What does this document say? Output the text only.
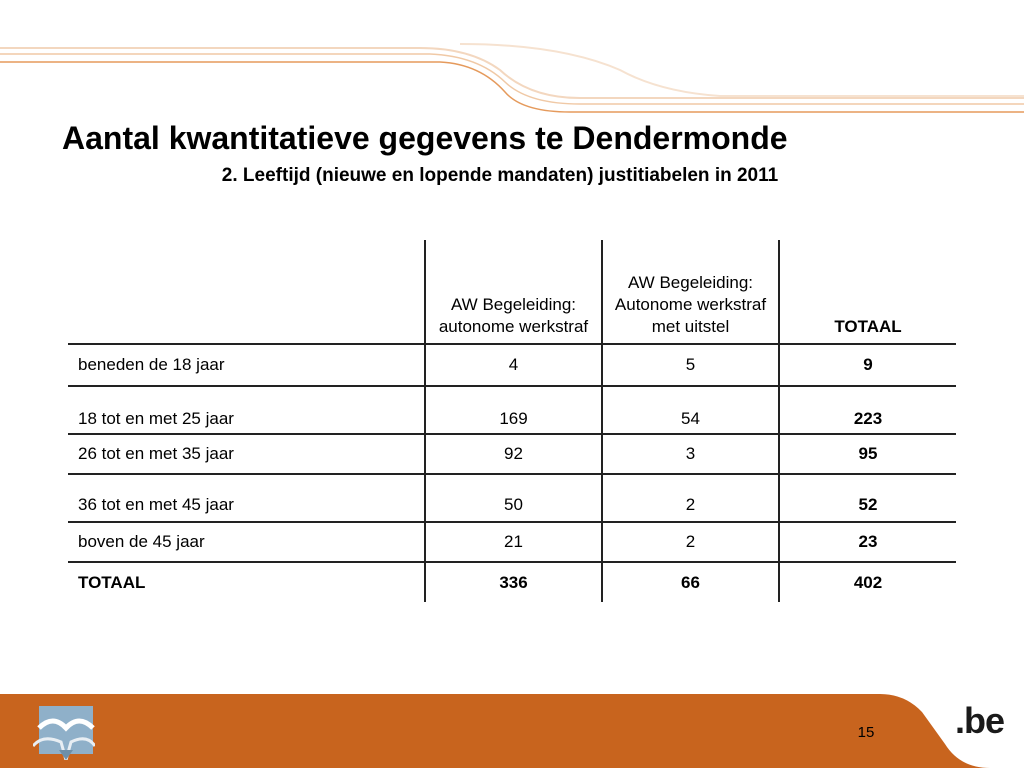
Aantal kwantitatieve gegevens te Dendermonde
2. Leeftijd (nieuwe en lopende mandaten) justitiabelen in 2011
	AW Begeleiding: autonome werkstraf	AW Begeleiding: Autonome werkstraf met uitstel	TOTAAL
beneden de 18 jaar	4	5	9
18 tot en met 25 jaar	169	54	223
26 tot en met 35 jaar	92	3	95
36 tot en met 45 jaar	50	2	52
boven de 45 jaar	21	2	23
TOTAAL	336	66	402
15	.be
